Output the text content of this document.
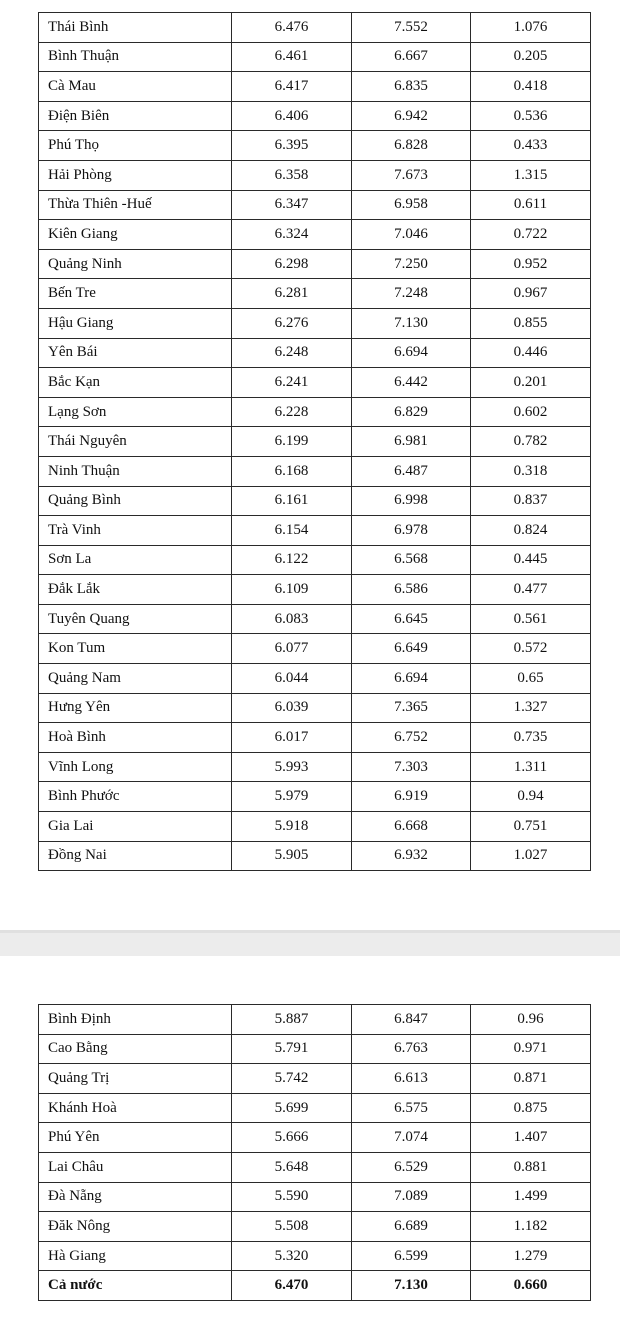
Thái Bình	6.476	7.552	1.076
Bình Thuận	6.461	6.667	0.205
Cà Mau	6.417	6.835	0.418
Điện Biên	6.406	6.942	0.536
Phú Thọ	6.395	6.828	0.433
Hải Phòng	6.358	7.673	1.315
Thừa Thiên -Huế	6.347	6.958	0.611
Kiên Giang	6.324	7.046	0.722
Quảng Ninh	6.298	7.250	0.952
Bến Tre	6.281	7.248	0.967
Hậu Giang	6.276	7.130	0.855
Yên Bái	6.248	6.694	0.446
Bắc Kạn	6.241	6.442	0.201
Lạng Sơn	6.228	6.829	0.602
Thái Nguyên	6.199	6.981	0.782
Ninh Thuận	6.168	6.487	0.318
Quảng Bình	6.161	6.998	0.837
Trà Vinh	6.154	6.978	0.824
Sơn La	6.122	6.568	0.445
Đắk Lắk	6.109	6.586	0.477
Tuyên Quang	6.083	6.645	0.561
Kon Tum	6.077	6.649	0.572
Quảng Nam	6.044	6.694	0.65
Hưng Yên	6.039	7.365	1.327
Hoà Bình	6.017	6.752	0.735
Vĩnh Long	5.993	7.303	1.311
Bình Phước	5.979	6.919	0.94
Gia Lai	5.918	6.668	0.751
Đồng Nai	5.905	6.932	1.027
Bình Định	5.887	6.847	0.96
Cao Bằng	5.791	6.763	0.971
Quảng Trị	5.742	6.613	0.871
Khánh Hoà	5.699	6.575	0.875
Phú Yên	5.666	7.074	1.407
Lai Châu	5.648	6.529	0.881
Đà Nẵng	5.590	7.089	1.499
Đăk Nông	5.508	6.689	1.182
Hà Giang	5.320	6.599	1.279
Cả nước	6.470	7.130	0.660
